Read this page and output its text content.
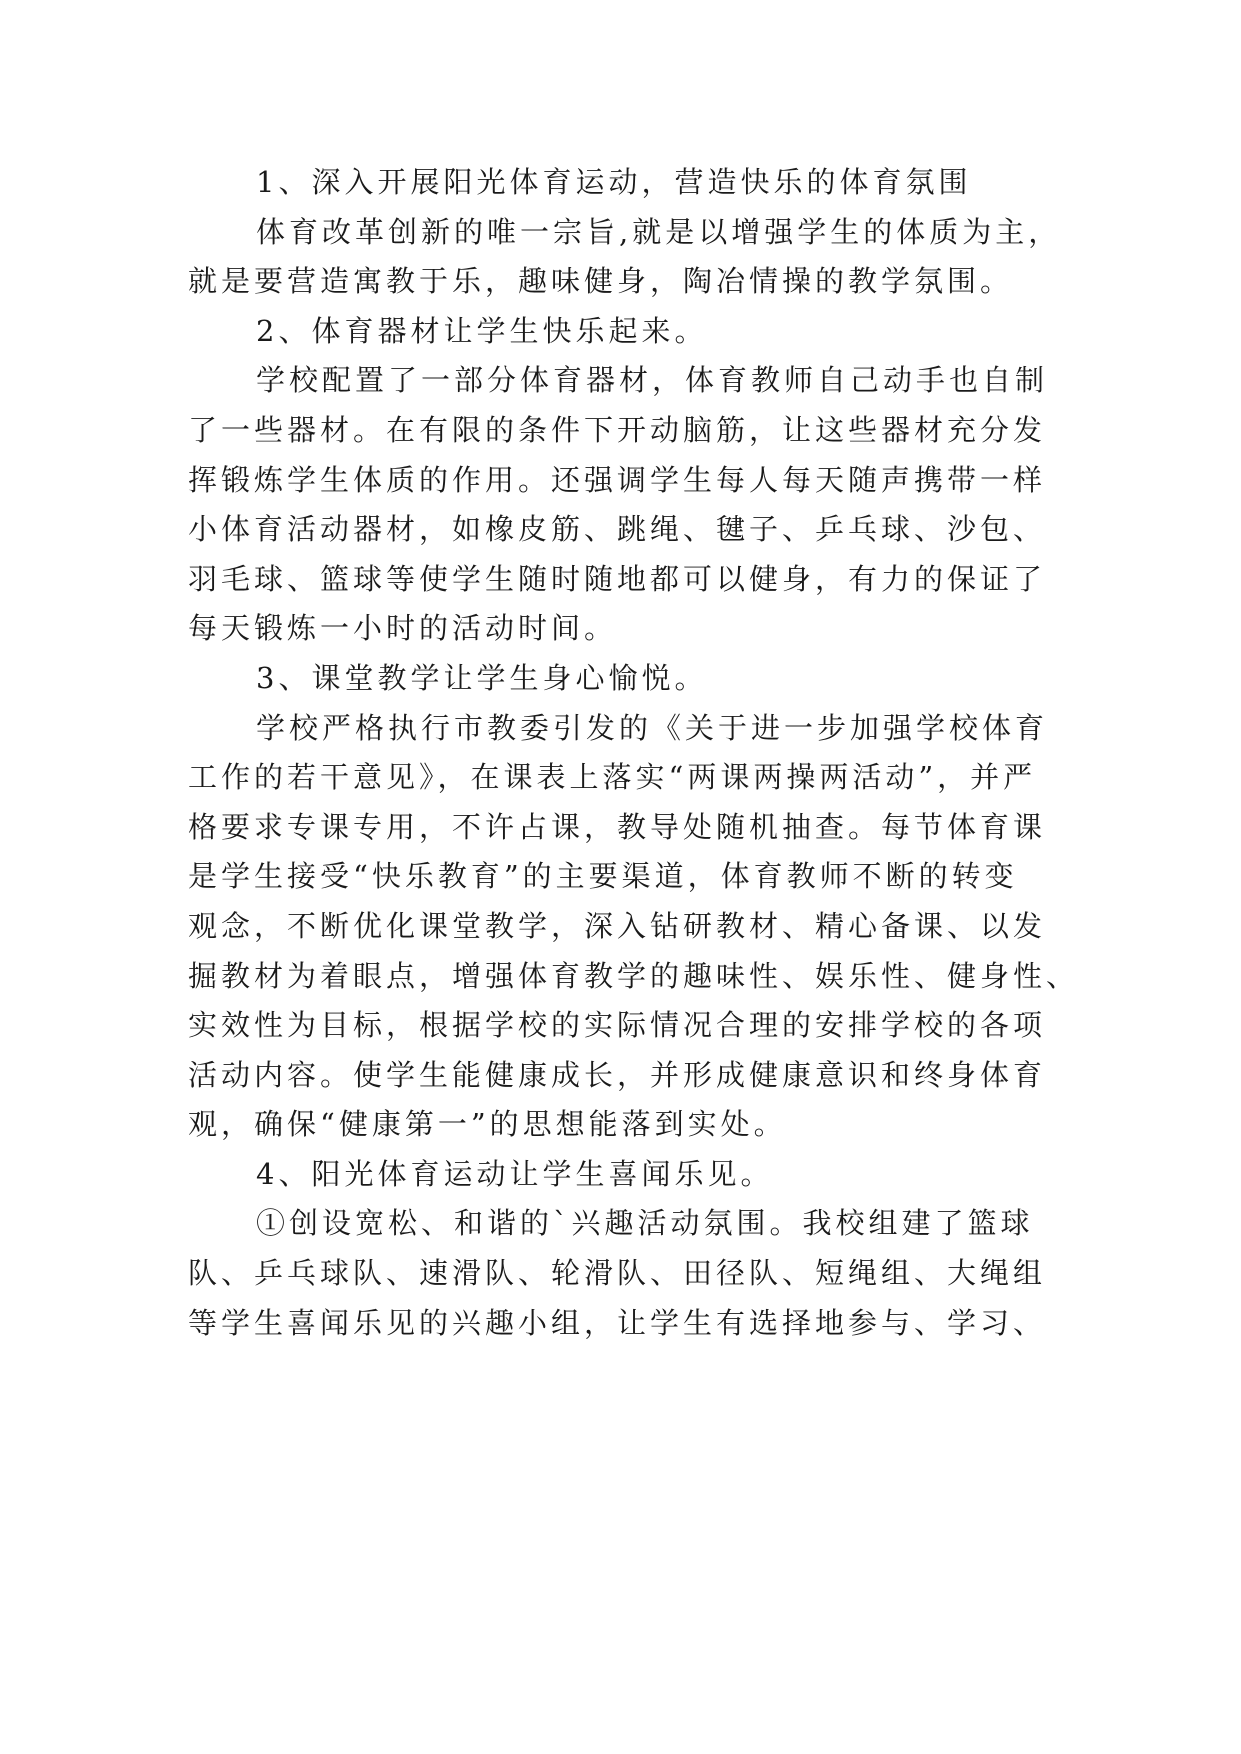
1、深入开展阳光体育运动，营造快乐的体育氛围
体育改革创新的唯一宗旨,就是以增强学生的体质为主，
就是要营造寓教于乐，趣味健身，陶冶情操的教学氛围。
2、体育器材让学生快乐起来。
学校配置了一部分体育器材，体育教师自己动手也自制
了一些器材。在有限的条件下开动脑筋，让这些器材充分发
挥锻炼学生体质的作用。还强调学生每人每天随声携带一样
小体育活动器材，如橡皮筋、跳绳、毽子、乒乓球、沙包、
羽毛球、篮球等使学生随时随地都可以健身，有力的保证了
每天锻炼一小时的活动时间。
3、课堂教学让学生身心愉悦。
学校严格执行市教委引发的《关于进一步加强学校体育
工作的若干意见》，在课表上落实“两课两操两活动”，并严
格要求专课专用，不许占课，教导处随机抽查。每节体育课
是学生接受“快乐教育”的主要渠道，体育教师不断的转变
观念，不断优化课堂教学，深入钻研教材、精心备课、以发
掘教材为着眼点，增强体育教学的趣味性、娱乐性、健身性、
实效性为目标，根据学校的实际情况合理的安排学校的各项
活动内容。使学生能健康成长，并形成健康意识和终身体育
观，确保“健康第一”的思想能落到实处。
4、阳光体育运动让学生喜闻乐见。
①创设宽松、和谐的`兴趣活动氛围。我校组建了篮球
队、乒乓球队、速滑队、轮滑队、田径队、短绳组、大绳组
等学生喜闻乐见的兴趣小组，让学生有选择地参与、学习、
